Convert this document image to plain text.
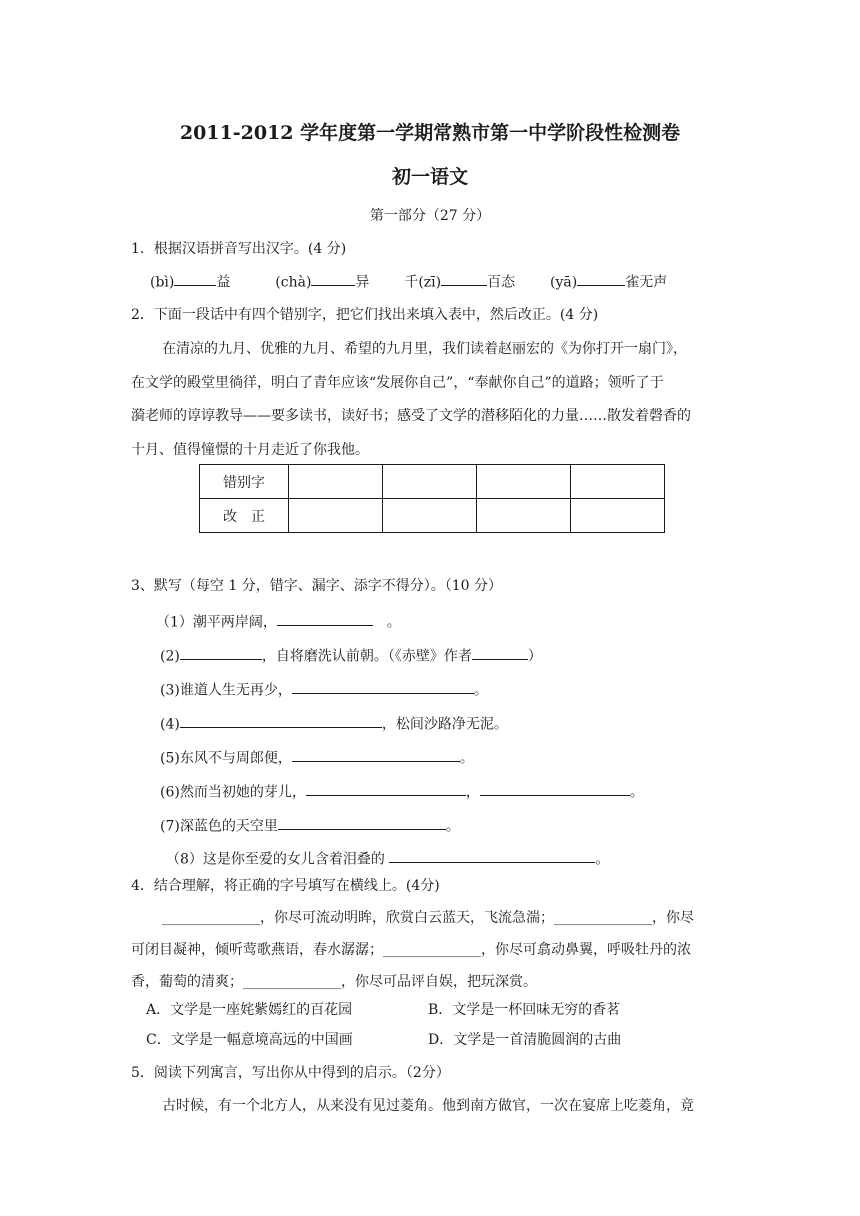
2011-2012 学年度第一学期常熟市第一中学阶段性检测卷
初一语文
第一部分（27 分）
1．根据汉语拼音写出汉字。(4 分)
(bì)	益	(chà)	异 千(zī)	百态 (yā)	雀无声
2．下面一段话中有四个错别字，把它们找出来填入表中，然后改正。(4 分)
在清凉的九月、优雅的九月、希望的九月里，我们读着赵丽宏的《为你打开一扇门》，
在文学的殿堂里徜徉，明白了青年应该“发展你自己”，“奉献你自己”的道路；领听了于
漪老师的谆谆教导——要多读书，读好书；感受了文学的潜移陌化的力量……散发着磬香的
十月、值得憧憬的十月走近了你我他。
错别字				
改　正				
3、默写（每空 1 分，错字、漏字、添字不得分）。（10 分）
（1）潮平两岸阔，　	。
(2)	，自将磨洗认前朝。（《赤壁》作者	）
(3)谁道人生无再少，	。
(4)	，松间沙路净无泥。
(5)东风不与周郎便，	。
(6)然而当初她的芽儿，	，	。
(7)深蓝色的天空里	。
（8）这是你至爱的女儿含着泪叠的	。
4．结合理解，将正确的字号填写在横线上。(4分)
______________，你尽可流动明眸，欣赏白云蓝天，飞流急湍；______________，你尽
可闭目凝神，倾听莺歌燕语，春水潺潺；______________，你尽可翕动鼻翼，呼吸牡丹的浓
香，葡萄的清爽；______________，你尽可品评自娱，把玩深赏。
A．文学是一座姹紫嫣红的百花园	B．文学是一杯回味无穷的香茗
C．文学是一幅意境高远的中国画	D．文学是一首清脆圆润的古曲
5．阅读下列寓言，写出你从中得到的启示。（2分）
古时候，有一个北方人，从来没有见过菱角。他到南方做官，一次在宴席上吃菱角，竟
